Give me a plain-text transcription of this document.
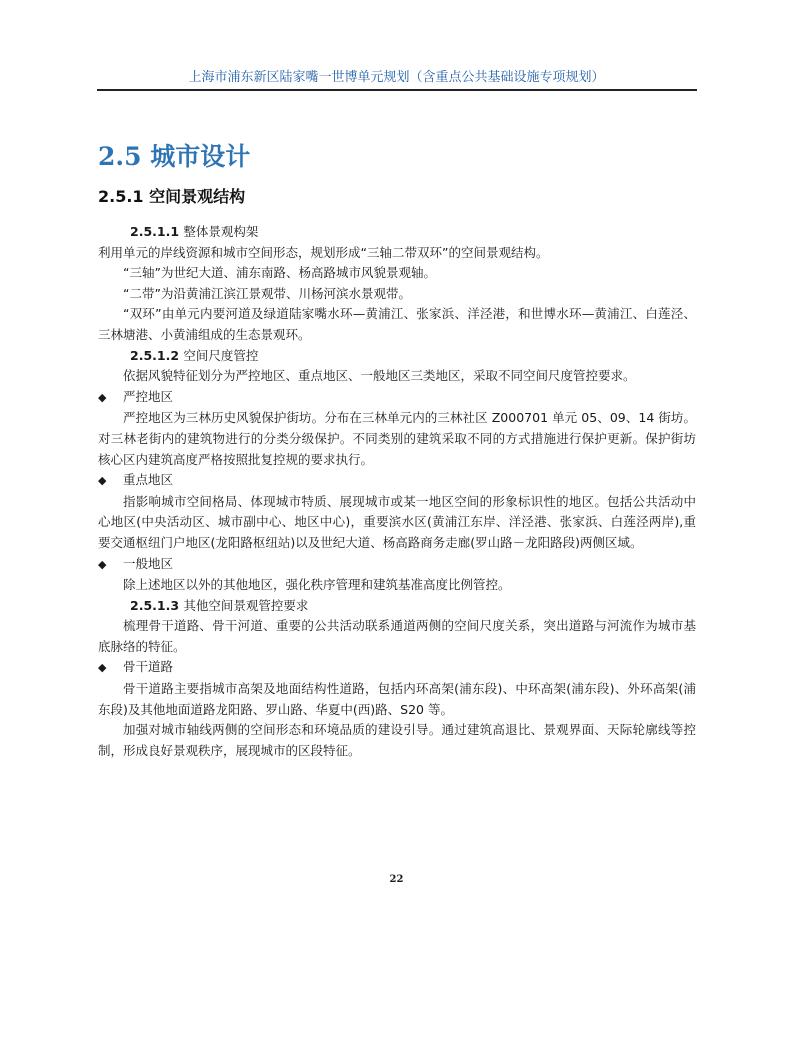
上海市浦东新区陆家嘴一世博单元规划（含重点公共基础设施专项规划）
2.5 城市设计
2.5.1 空间景观结构

2.5.1.1 整体景观构架

利用单元的岸线资源和城市空间形态，规划形成“三轴二带双环”的空间景观结构。

“三轴”为世纪大道、浦东南路、杨高路城市风貌景观轴。

“二带”为沿黄浦江滨江景观带、川杨河滨水景观带。

“双环”由单元内要河道及绿道陆家嘴水环—黄浦江、张家浜、洋泾港，和世博水环—黄浦江、白莲泾、三林塘港、小黄浦组成的生态景观环。

2.5.1.2 空间尺度管控

依据风貌特征划分为严控地区、重点地区、一般地区三类地区，采取不同空间尺度管控要求。

◆ 严控地区

严控地区为三林历史风貌保护街坊。分布在三林单元内的三林社区 Z000701 单元 05、09、14 街坊。对三林老街内的建筑物进行的分类分级保护。不同类别的建筑采取不同的方式措施进行保护更新。保护街坊核心区内建筑高度严格按照批复控规的要求执行。

◆ 重点地区

指影响城市空间格局、体现城市特质、展现城市或某一地区空间的形象标识性的地区。包括公共活动中心地区(中央活动区、城市副中心、地区中心)，重要滨水区(黄浦江东岸、洋泾港、张家浜、白莲泾两岸),重要交通枢纽门户地区(龙阳路枢纽站)以及世纪大道、杨高路商务走廊(罗山路－龙阳路段)两侧区域。

◆ 一般地区

除上述地区以外的其他地区，强化秩序管理和建筑基准高度比例管控。

2.5.1.3 其他空间景观管控要求

梳理骨干道路、骨干河道、重要的公共活动联系通道两侧的空间尺度关系，突出道路与河流作为城市基底脉络的特征。

◆ 骨干道路

骨干道路主要指城市高架及地面结构性道路，包括内环高架(浦东段)、中环高架(浦东段)、外环高架(浦东段)及其他地面道路龙阳路、罗山路、华夏中(西)路、S20 等。

加强对城市轴线两侧的空间形态和环境品质的建设引导。通过建筑高退比、景观界面、天际轮廓线等控制，形成良好景观秩序，展现城市的区段特征。

22
